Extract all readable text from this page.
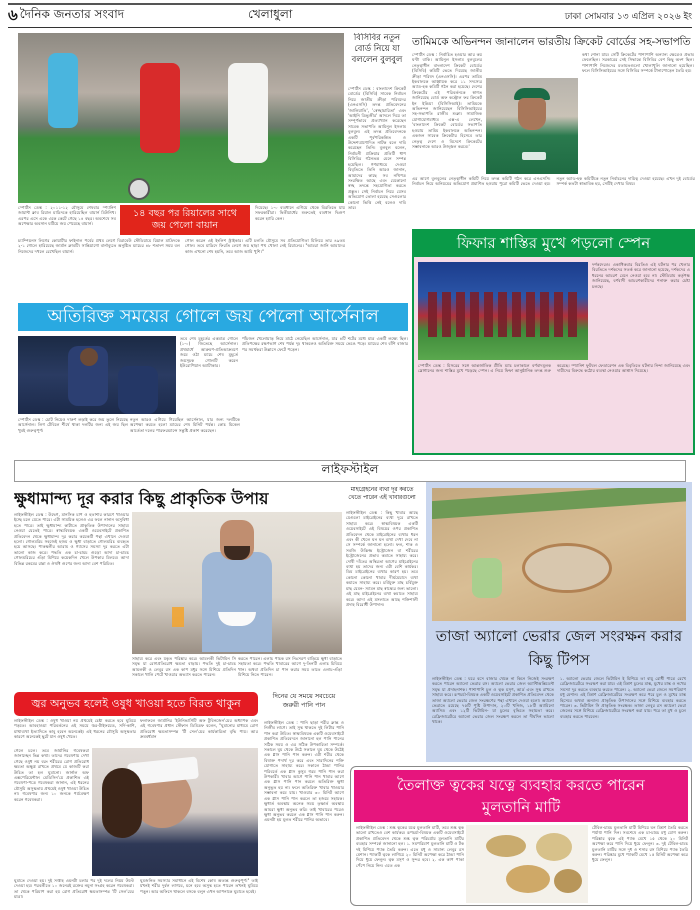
৬ দৈনিক জনতার সংবাদ	খেলাধুলা	ঢাকা সোমবার ১৩ এপ্রিল ২০২৬ ইং
স্পোর্টস ডেস্ক : ২০১১-১২ মৌসুমে শেষবার স্প্যানিশ জায়ান্ট ক্লাব রিয়াল মাদ্রিদকে হারিয়েছিল বায়ার্ন মিউনিখ। এরপর এসে একে একে কেটে গেছে ১৪ বছর। অবশেষে সব অপেক্ষার অবসান ঘটিয়ে জয় পেয়েছে বায়ার্ন।
১৪ বছর পর রিয়ালের সাথে জয় পেলো বায়ান
দিয়েছে। ১-০ ব্যবধানে এগিয়ে থেকে বিরতিতে যায় সফরকারীরা। দ্বিতীয়ার্ধের শুরুতেই ব্যবধান দ্বিগুণ করেন হ্যারি কেন।
চ্যাম্পিয়নস লিগের কোয়ার্টার ফাইনাল পর্বের প্রথম লেগে বিরাবেউ স্টেডিয়ামে রিয়াল মাদ্রিদকে ২-১ গোলে হারিয়েছে জার্মান ক্লাবটি। সান্তিয়াগো বার্নাব্যুতে অনুষ্ঠিত ম্যাচের ৪৮ শতাংশ সময় বল নিজেদের দখলে রেখেছিল বায়ার্ন।
গোল করেন এই ইংলিশ স্ট্রাইকার। এটি চলতি মৌসুমে সব প্রতিযোগিতা মিলিয়ে তার ৪৯তম গোল। তবে মাদ্রিদে ফিরতি লেগে জয় ছাড়া পথ খোলা নেই রিয়ালের। "আমরা জানি আমাদের কাজ এখনো শেষ হয়নি, তবে আজ আমি খুশি।"
বিসিবির নতুন বোর্ড নিয়ে যা বললেন বুলবুল
স্পোর্টস ডেস্ক : বাংলাদেশ ক্রিকেট বোর্ডের (বিসিবি) সাবেক নির্বাচন নিয়ে জাতীয় ক্রীড়া পরিষদের (এনএসসি) তদন্ত প্রতিবেদনের 'জালিয়াতি', 'স্বেচ্ছাচারিতা' এবং 'আইনি ত্রিভুজীর' আদলে দিয়ে তা সম্পূর্ণভাবে প্রত্যাখ্যান করেছেন সাবেক সভাপতি আমিনুল ইসলাম বুলবুল। এই তদন্ত প্রতিবেদনকে একটি পূর্বপরিকল্পিত ও উদ্দেশ্যপ্রণোদিত নাটক বলে দাবি করেছেন তিনি। বুলবুল বলেন, নির্বাচনী প্রক্রিয়ার প্রতিটি ধাপ বিসিবির গঠনতন্ত্র মেনে সম্পন্ন হয়েছিল। গণমাধ্যমে দেওয়া বিবৃতিতে তিনি আরও জানান, আমাদের কাছে সব নথিপত্র সংরক্ষিত আছে এবং যেকোনো স্বচ্ছ তদন্তে সহযোগিতা করতে প্রস্তুত। সেই নির্বাচন নিয়ে যেসব অভিযোগ তোলা হয়েছে সেগুলোর কোনো ভিত্তি নেই বলেও দাবি তার।
তামিমকে অভিনন্দন জানালেন ভারতীয় ক্রিকেট বোর্ডের সহ-সভাপতি
স্পোর্টস ডেস্ক : নির্বাচিত হওয়ার আর কয় ঘণ্টা বাকি। আমিনুল ইসলাম বুলবুলের নেতৃত্বাধীন বাংলাদেশ ক্রিকেট বোর্ডের (বিসিবি) কমিটি ভেঙে দিয়েছে জাতীয় ক্রীড়া পরিষদ (এনএসসি)। এরপর তামিম ইকবালকে আহ্বায়ক করে ১১ সদস্যের অ্যাড-হক কমিটি গঠন করা হয়েছে। দেশের ক্রিকেটের এই পরিবর্তনকে স্বাগত জানিয়েছে বোর্ড অফ কন্ট্রোল ফর ক্রিকেট ইন ইন্ডিয়া (বিসিসিআই)। তামিমকে অভিনন্দন জানিয়েছেন বিসিসিআইয়ের সহ-সভাপতি রাজীব শুক্লা। সামাজিক যোগাযোগমাধ্যম এক্স-এ লেখেন, 'বাংলাদেশ ক্রিকেট বোর্ডের সভাপতি হওয়ায় তামিম ইকবালকে অভিনন্দন। একজন সাবেক ক্রিকেটার হিসেবে তার নেতৃত্ব দেশে ও বিদেশে ক্রিকেটের সম্ভাবনাকে আরও উজ্জ্বল করবে।'
কথা শোনা যায়। সেটি ক্রিকেটের পাশাপাশি অন্যান্য ক্ষেত্রেও প্রভাব ফেলেছিল। সরকারের সেই সিদ্ধান্তে বিসিবির বেশ কিছু অংশ ছিল। পাশাপাশি নিজেদের মতামতগুলো খোলাখুলি জানানো হয়েছিল। ফলে বিসিসিআইয়ের সঙ্গে বিসিবির সম্পর্কে টানাপোড়েন তৈরি হয়।
এর আগে বুলবুলের নেতৃত্বাধীন কমিটি নিয়ে তদন্ত কমিটি গঠন করে এনএসসি। নির্বাচন নিয়ে অনিয়মের অভিযোগ প্রমাণিত হওয়ায় পুরো কমিটি ভেঙে দেওয়া হয়। নতুন অ্যাড-হক কমিটিকে নতুন নির্বাচনের দায়িত্ব দেওয়া হয়েছে। এখন দুই বোর্ডের সম্পর্ক কতটা স্বাভাবিক হয়, সেটিই দেখার বিষয়।
অতিরিক্ত সময়ের গোলে জয় পেলো আর্সেনাল
তবে শেষ মুহূর্তের একমাত্র গোলে (১-০) জিতেছে আর্সেনাল। প্রথমার্ধে আক্রমণ-প্রতিআক্রমণে জমে ওঠা ম্যাচে শেষ মুহূর্তে জয়সূচক গোলটি করেন ইউরোপিয়ান অ্যাটাকার।
স্পোর্টস ডেস্ক : চোট নিয়েও দারুণ লড়াই করে জয় তুলে নিয়েছে আর্সেনাল। লিগ টেবিলে শীর্ষে থাকা দলটির জন্য এই জয় ছিল খুবই গুরুত্বপূর্ণ।
নতুন আরও এগিয়ে গিয়েছিল আর্সেনাল, যার জন্য দলটিকে অপেক্ষা করতে হলো ম্যাচের শেষ মিনিট পর্যন্ত। কোচ মিকেল আর্তেতা দলের পারফরম্যান্সে সন্তুষ্টি প্রকাশ করেছেন।
পাঁচজন খেলোয়াড় নিয়ে মাঠে নেমেছিল আর্সেনাল, যার ৪টি শটের মধ্যে মাত্র একটি লক্ষ্যে ছিল। প্রতিপক্ষের রক্ষণভাগ শেষ পর্যন্ত দৃঢ় থাকলেও অতিরিক্ত সময়ে ভেঙে পড়ে। ম্যাচের শেষ বাঁশি বাজার পর সমর্থকরা উল্লাসে ফেটে পড়েন।
ফিফার শাস্তির মুখে পড়লো স্পেন
দর্শকদেরও। একাধিকবার বিরতিও এই ঘটনার পর খেলার বিরতিতে দর্শকদের সতর্ক করে জানানো হয়েছে, দর্শকদের এ ধরনের আচরণ মেনে নেওয়া হবে না। স্টেডিয়াম কর্তৃপক্ষ জানিয়েছে, বর্ণবাদী আচরণকারীদের শনাক্ত করার চেষ্টা চলছে।
স্পোর্টস ডেস্ক : মিসরের সঙ্গে আন্তর্জাতিক প্রীতি ম্যাচ চলাকালে বর্ণবাদমূলক স্লোগানের জন্য শাস্তির মুখে পড়েছে স্পেন। এ নিয়ে ফিফা আনুষ্ঠানিক তদন্ত শুরু করেছে। স্প্যানিশ ফুটবল ফেডারেশন এক বিবৃতিতে ঘটনার নিন্দা জানিয়েছে এবং দায়ীদের বিরুদ্ধে কঠোর ব্যবস্থা নেওয়ার আশ্বাস দিয়েছে।
লাইফস্টাইল
ক্ষুধামান্দ্য দূর করার কিছু প্রাকৃতিক উপায়
লাইফস্টাইল ডেস্ক : উদ্বেগ, মানসিক চাপ ও হতাশার কারণে খাওয়ার ইচ্ছে চলে যেতে পারে। এটা সাময়িক হলেও এর ফলে নানান অসুবিধা হতে পারে। তাই ক্ষুধামান্দ্য কাটাতে প্রাকৃতিক উপাদানের সাহায্য নেওয়া যেতেই পারে। স্বাস্থ্যবিষয়ক একটি ওয়েবসাইটে প্রকাশিত প্রতিবেদন থেকে ক্ষুধামান্দ্য দূর করার কয়েকটি পন্থা এখানে দেওয়া হলো। গোলমরিচ সহজেই হজম ও ক্ষুধা বাড়াতে গোলমরিচ ব্যবহৃত হয়ে আসছে। পাকস্থলীর আরাম ও গ্যাসের সমস্যা দূর করতে এটা ভালো কাজ করে। পদ্ধতি এক চা-চামচ গুড়ো আদা চা-চামচ গোলমরিচের গুঁড়া মিশিয়ে কয়েকদিন খেলে উপকার মিলবে। আদা বিভিন্ন রকমের রান্না ও ঔষধি গুণের জন্য আদা বেশ পরিচিত।
সাহায্য করে এবং যকৃত পরিষ্কার করে। আমলকী ভিটামিন সি সমৃদ্ধ যা রোগপ্রতিরোধ ক্ষমতা বাড়ায়। পদ্ধতি দুই চা-চামচ আমলকী ও লেবুর রস এক কাপ মধুর সঙ্গে মিশিয়ে প্রতিদিন সকালে খালি পেটে খাওয়ার অভ্যাস করতে পারেন।
করতে পারেন। এলাচ পাচক রস নিঃসরণ বাড়িয়ে ক্ষুধা বাড়াতে সহায়তা করে। পদ্ধতি খাবারের আগে দু-তিনটি এলাচ চিবিয়ে খান। অথবা প্রতিদিন চা পান করার সময় তাতে এলাচ-গুঁড়া মিশিয়ে নিতে পারেন।
মাইগ্রেইনের ব্যথা দূর করতে খেতে পারেন এই খাবারগুলো
লাইফস্টাইল ডেস্ক : কিছু খাবার আছে যেগুলো মাইগ্রেইনের ব্যথা দূরে রাখতে সাহায্য করে। স্বাস্থ্যবিষয়ক একটি ওয়েবসাইটে এই বিষয়ের ওপর প্রকাশিত প্রতিবেদন থেকে মাইগ্রেইনের ব্যথার ধরন এবং কী খেলে ঘন ঘন ব্যথা দেখা দেবে না সে সম্পর্কে জানানো হলো। ফল, শাক ও সবজি উদ্ভিজ্জ ইস্ট্রোজেন বা শরীরের ইস্ট্রোজেনের প্রভাব কমাতে সাহায্য করে। দোষী দাঁতের অস্থিরতা আগের মাইগ্রেইনের ব্যথা হয় তাদের জন্য এটা বেশি কার্যকর। ডিম মাইগ্রেইনের ব্যথার কারণ হয়। তবে কোনো কোনো খাবার দীর্ঘমেয়াদে ব্যথা কমাতে সাহায্য করে। চর্বিযুক্ত মাছ চর্বিযুক্ত মাছ যেমন- স্যামন মাছ স্বাস্থ্যের জন্য ভালো। এই মাছ মাইগ্রেইনের ব্যথা কমাতে সাহায্য করে। আদা এই মসলাতে আছে শক্তিশালী প্রদাহ বিরোধী উপাদান।
তাজা অ্যালো ভেরার জেল সংরক্ষন করার কিছু টিপস
লাইফস্টাইল ডেস্ক : ঘরে বসে বাজার থেকে না কিনে নিজেই সংরক্ষণ করতে পারেন অ্যালো ভেরার রস। অ্যালো ভেরার জেল অ্যান্টিঅক্সিডেন্ট সমৃদ্ধ যা প্রদাহনাশক। পাশাপাশি চুল ও ত্বক মসৃণ, আর্দ্র এবং সুস্থ রাখতে সাহায্য করে। রূপচর্চা-বিষয়ক একটি ওয়েবসাইটে প্রকাশিত প্রতিবেদন থেকে তাজা অ্যালো ভেরার জেল সংরক্ষণের পন্থা এখানে দেওয়া হলো। অ্যালো ভেরাতে রয়েছে ৭৫টি পুষ্টি উপাদান, ২০টি খনিজ, ১৮টি অ্যামিনো অ্যাসিড এবং ১২টি ভিটামিন- যা চুলের বৃদ্ধিতে সহায়তা করে। রেফ্রিজারেটরে অ্যালো ভেরার জেল সংরক্ষণ করলে তা দীর্ঘদিন ভালো থাকে।
১. অ্যালো ভেরার জেলে ভিটামিন ই মিশিয়ে তা বায়ু রোধী পাত্রে রেখে রেফ্রিজারেটরে সংরক্ষণ করা যায়। এই মিশ্রণ চুলের মাস্ক, মুখের মাস্ক ও নখের সমস্যা দূর করতে ব্যবহার করতে পারেন। ২. অ্যালো ভেরা জেলে সমপরিমাণ মধু মেশান। এই মিশ্রণ রেফ্রিজারেটরে সংরক্ষণ করে পরে চুল ও মুখের মাস্ক হিসেবে অথবা অন্যান্য প্রাকৃতিক উপাদানের সঙ্গে মিশিয়ে ব্যবহার করতে পারেন। ৩. ভিটামিন সি প্রাকৃতিক সংরক্ষক। তাজা লেবুর রস অ্যালো ভেরা জেলের সঙ্গে মিশিয়ে রেফ্রিজারেটরে সংরক্ষণ করা যায়। পরে তা মুখ ও চুলে ব্যবহার করতে পারবেন।
জ্বর অনুভব হলেই ওষুধ খাওয়া হতে বিরত থাকুন
লাইফস্টাইল ডেস্ক : ওষুধ খাওয়া নয় প্রথমেই চেষ্টা করতে হবে ঘুমিয়ে পড়তে। আবহাওয়া পরিবর্তনের এই সময়ে জ্বর-টাইফয়েড, সর্দি-কাশি, মাথাব্যথা ইত্যাদিতে কাবু হবেন অনেকেই। এই ধরনের মৌসুমি অসুস্থতার কারণে অনেকেই ছুটে যান ওষুধ খেতে।
ফলাফলে জার্মানির 'ইউনিভার্সিটি অফ টুবিনজেন'য়ের অধ্যাপক এবং এই গবেষণার প্রধান স্টেফান ডিমিত্রফ বলেন, "ঘুমানোর মাধ্যমে রোগ প্রতিরোধ ক্ষমতাসম্পন্ন 'টি সেল'য়ের কার্যকারিতা বৃদ্ধি পায়। আর ক্রমবর্ধমান
গেলে চলে। তবে জার্মানির গবেষকরা জানাচ্ছেন ভিন্ন কথা। তাদের গবেষণায় দেখা গেছে ওষুধ নয় বরং শরীরের রোগ প্রতিরোধ ক্ষমতা অক্ষুণ্ণ রাখতে প্রথমে যে কাজটি করা উচিত তা হল ঘুমানো। জার্নাল অফ এক্সপেরিমেন্টাল মেডিসিন'য়ে প্রকাশিত এই গবেষণা-পত্রে গবেষকরা জানান, এই ধরনের মৌসুমি অসুস্থতায় প্রথমেই ওষুধ খাওয়া উচিত না। গবেষণার জন্য ১০ জনকে পর্যবেক্ষণ করেন গবেষকরা।
ঘুমাতে দেওয়া হয়। দুই সপ্তাহ এমনটা চলার পর দুই দলের নিয়ম উল্টে দেওয়া হয়। পরবর্তীতে ১০ জনেরই রক্তের নমুনা সংগ্রহ করেন গবেষকরা। তা থেকে পরিমাপ করা হয় রোগ প্রতিরোধ ক্ষমতাসম্পন্ন 'টি সেল'য়ের মাত্রা।
ঘুমজনিত সমস্যার সমাধানে এই বিশেষ কোষ অত্যন্ত গুরুত্বপূর্ণ।" তাই যখনই শরীর দুর্বল লাগবে, মনে হবে অসুস্থ হতে পারেন তখনই ঘুমিয়ে পড়ুন। আর অফিসে থাকলে বসকে বলুন এখন আপনাকে ঘুমাতে হবেই।
দিনের যে সময়ে সবচেয়ে জরুরী পানি পান
লাইফস্টাইল ডেস্ক : পানি ছাড়া শরীর ক্লান্ত ও নির্জীব লাগে। তাই সুস্থ থাকতে দুই লিটার পানি পান করা উচিত। স্বাস্থ্যবিষয়ক একটি ওয়েবসাইটে প্রকাশিত প্রতিবেদনে জানানো হল পানি পানের সঠিক সময় ও এর সঠিক উপকারিতা সম্পর্কে। সকালে ঘুম থেকে উঠে সকালে ঘুম থেকে উঠেই এক গ্লাস পানি পান করুন। এটা শরীর থেকে বিষাক্ত পদার্থ দূর করে এবং সারাদিনের শক্তি যোগাতে সাহায্য করে। সকালে ঠান্ডা পানির পরিবর্তে এক গ্লাস কুসুম গরম পানি পান করা উপকারী। খাবার আগে পানি পান খাবার আগে এক গ্লাস পানি পান করলে অতিরিক্ত ক্ষুধা অনুভূত হয় না। ফলে অতিরিক্ত খাবার খাওয়ার সম্ভাবনা কমে যায়। খাওয়ার ৩০ মিনিট আগে এক গ্লাস পানি পান করলে তা হজমে সহায়ক। ক্ষুধার্ত অবস্থায় অনেক সময় তৃষ্ণার্ত অবস্থায় আমরা ক্ষুধা অনুভব করি। তাই খাবারের পরেও ক্ষুধা অনুভব করলে এক গ্লাস পানি পান করুন। এমনটা হয় মূলত শরীরে পানির অভাবে।
তৈলাক্ত ত্বকের যত্নে ব্যবহার করতে পারেন মুলতানি মাটি
লাইফস্টাইল ডেস্ক : শুষ্ক ত্বকের যত্নে মুলতানি মাটি, তবে শুষ্ক ত্বক ভালো রাখতেও বেশ কার্যকর। রূপচর্চা-বিষয়ক একটি ওয়েবসাইটে প্রকাশিত প্রতিবেদন থেকে শুষ্ক ত্বক পরিচর্যায় মুলতানি মাটির ব্যবহার সম্পর্কে জানানো হল। ১. সমপরিমাণ মুলতানি মাটি ও টক দই মিশিয়ে প্যাক তৈরি করুন। এতে মধু ও সামান্য লেবুর রস মেশান। প্যাকটি ত্বকে লাগিয়ে ২০ মিনিট অপেক্ষা করে ঠান্ডা পানি দিয়ে ধুয়ে ফেলুন। ত্বক মসৃণ ও সুন্দর হবে। ২. এক কাপ পাকা পেঁপে নিয়ে নিন। এতে এক
টেবিল-চামচ মুলতানি মাটি মিশিয়ে ঘন মিশ্রণ তৈরি করতে পর্যাপ্ত পানি দিন। সবশেষে এক চা-চামচ মধু যোগ করুন। পরিষ্কার ত্বকে এই প্যাক মেখে ১৫ থেকে ২০ মিনিট অপেক্ষা করে পানি দিয়ে ধুয়ে ফেলুন। ৩. দুই টেবিল-চামচ মুলতানি মাটির সঙ্গে দুধ ও শসার রস মিশিয়ে প্যাক তৈরি করুন। পরিষ্কার মুখে প্যাকটি মেখে ১৫ মিনিট অপেক্ষা করে ধুয়ে ফেলুন।
